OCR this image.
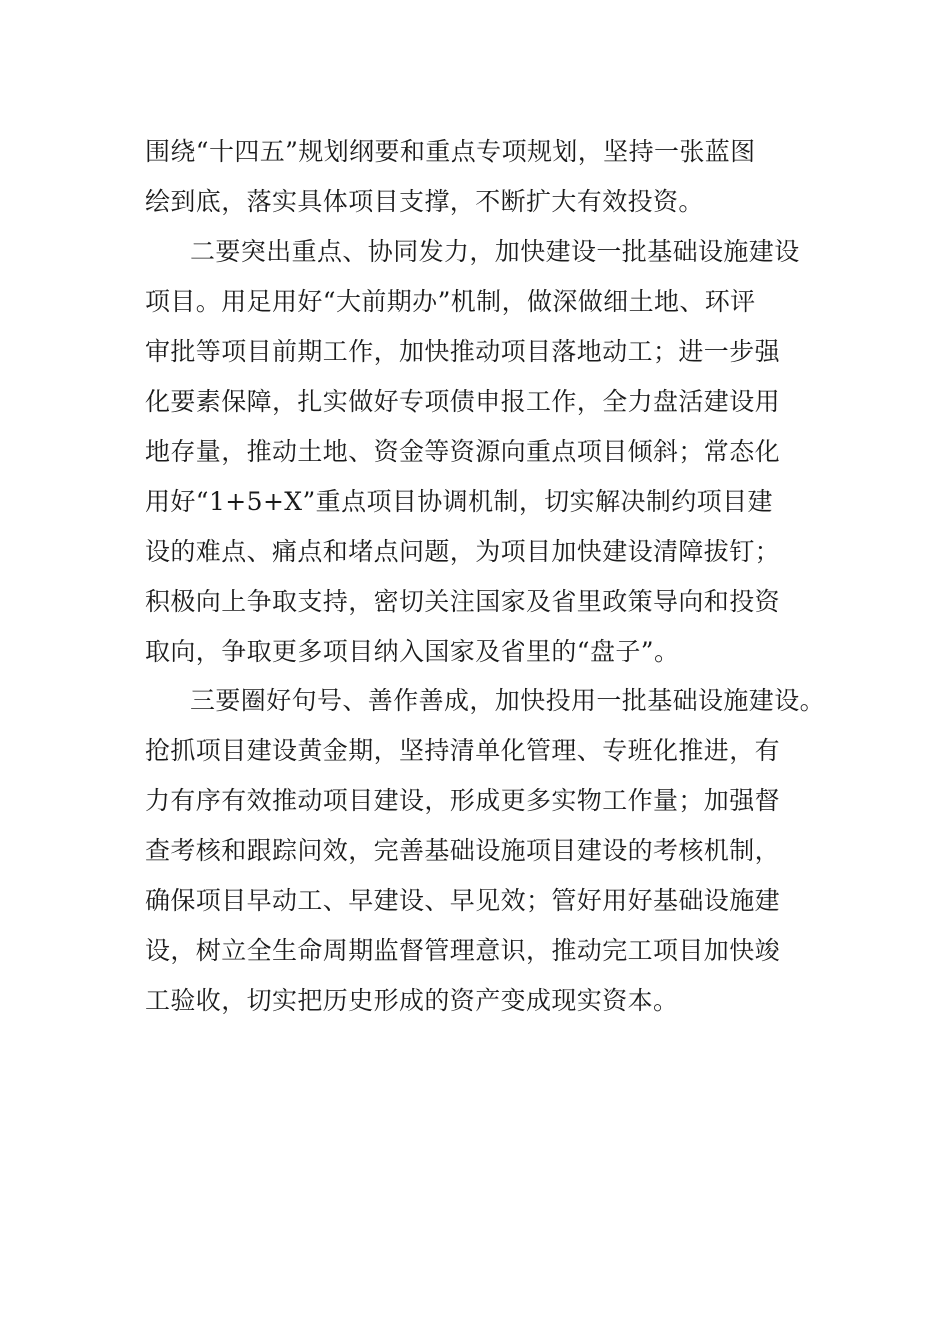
围绕“十四五”规划纲要和重点专项规划，坚持一张蓝图
绘到底，落实具体项目支撑，不断扩大有效投资。
二要突出重点、协同发力，加快建设一批基础设施建设
项目。用足用好“大前期办”机制，做深做细土地、环评
审批等项目前期工作，加快推动项目落地动工；进一步强
化要素保障，扎实做好专项债申报工作，全力盘活建设用
地存量，推动土地、资金等资源向重点项目倾斜；常态化
用好“1+5+X”重点项目协调机制，切实解决制约项目建
设的难点、痛点和堵点问题，为项目加快建设清障拔钉；
积极向上争取支持，密切关注国家及省里政策导向和投资
取向，争取更多项目纳入国家及省里的“盘子”。
三要圈好句号、善作善成，加快投用一批基础设施建设。
抢抓项目建设黄金期，坚持清单化管理、专班化推进，有
力有序有效推动项目建设，形成更多实物工作量；加强督
查考核和跟踪问效，完善基础设施项目建设的考核机制，
确保项目早动工、早建设、早见效；管好用好基础设施建
设，树立全生命周期监督管理意识，推动完工项目加快竣
工验收，切实把历史形成的资产变成现实资本。
